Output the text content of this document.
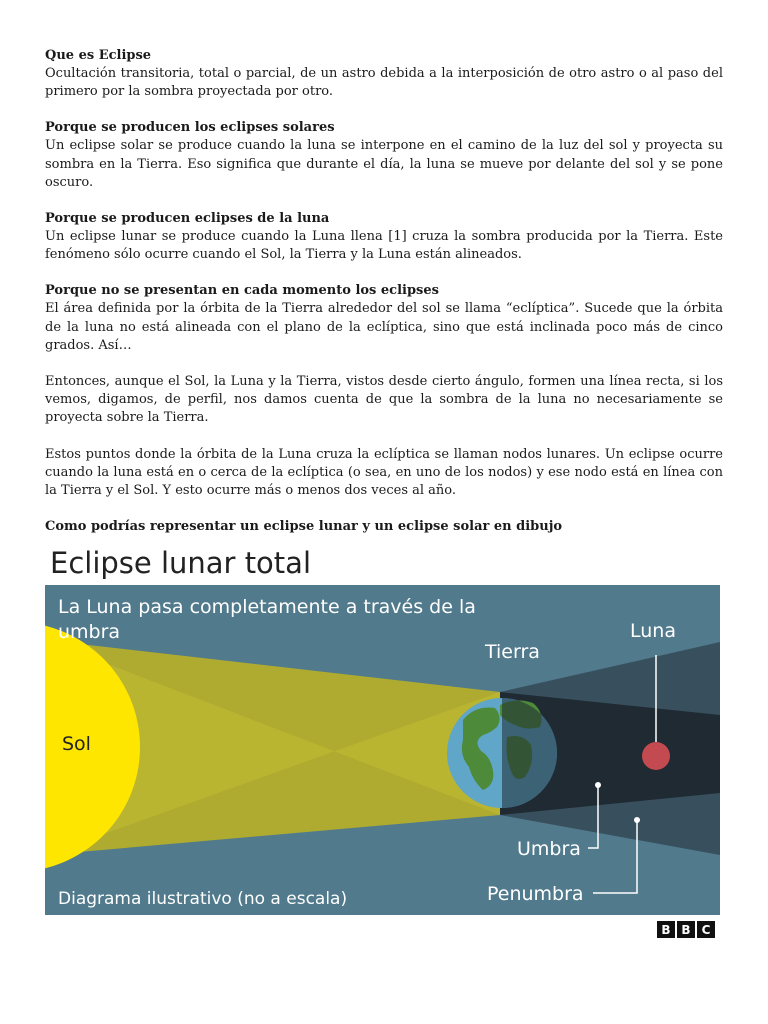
Que es Eclipse

Ocultación transitoria, total o parcial, de un astro debida a la interposición de otro astro o al paso del primero por la sombra proyectada por otro.

Porque se producen los eclipses solares

Un eclipse solar se produce cuando la luna se interpone en el camino de la luz del sol y proyecta su sombra en la Tierra. Eso significa que durante el día, la luna se mueve por delante del sol y se pone oscuro.

Porque se producen eclipses de la luna

Un eclipse lunar se produce cuando la Luna llena [1] cruza la sombra producida por la Tierra. Este fenómeno sólo ocurre cuando el Sol, la Tierra y la Luna están alineados.

Porque no se presentan en cada momento los eclipses

El área definida por la órbita de la Tierra alrededor del sol se llama “eclíptica”. Sucede que la órbita de la luna no está alineada con el plano de la eclíptica, sino que está inclinada poco más de cinco grados. Así…

Entonces, aunque el Sol, la Luna y la Tierra, vistos desde cierto ángulo, formen una línea recta, si los vemos, digamos, de perfil, nos damos cuenta de que la sombra de la luna no necesariamente se proyecta sobre la Tierra.

Estos puntos donde la órbita de la Luna cruza la eclíptica se llaman nodos lunares. Un eclipse ocurre cuando la luna está en o cerca de la eclíptica (o sea, en uno de los nodos) y ese nodo está en línea con la Tierra y el Sol. Y esto ocurre más o menos dos veces al año.

Como podrías representar un eclipse lunar y un eclipse solar en dibujo

Eclipse lunar total
La Luna pasa completamente a través de la
umbra
Sol
Tierra
Luna
Umbra
Penumbra
Diagrama ilustrativo (no a escala)
B B C
